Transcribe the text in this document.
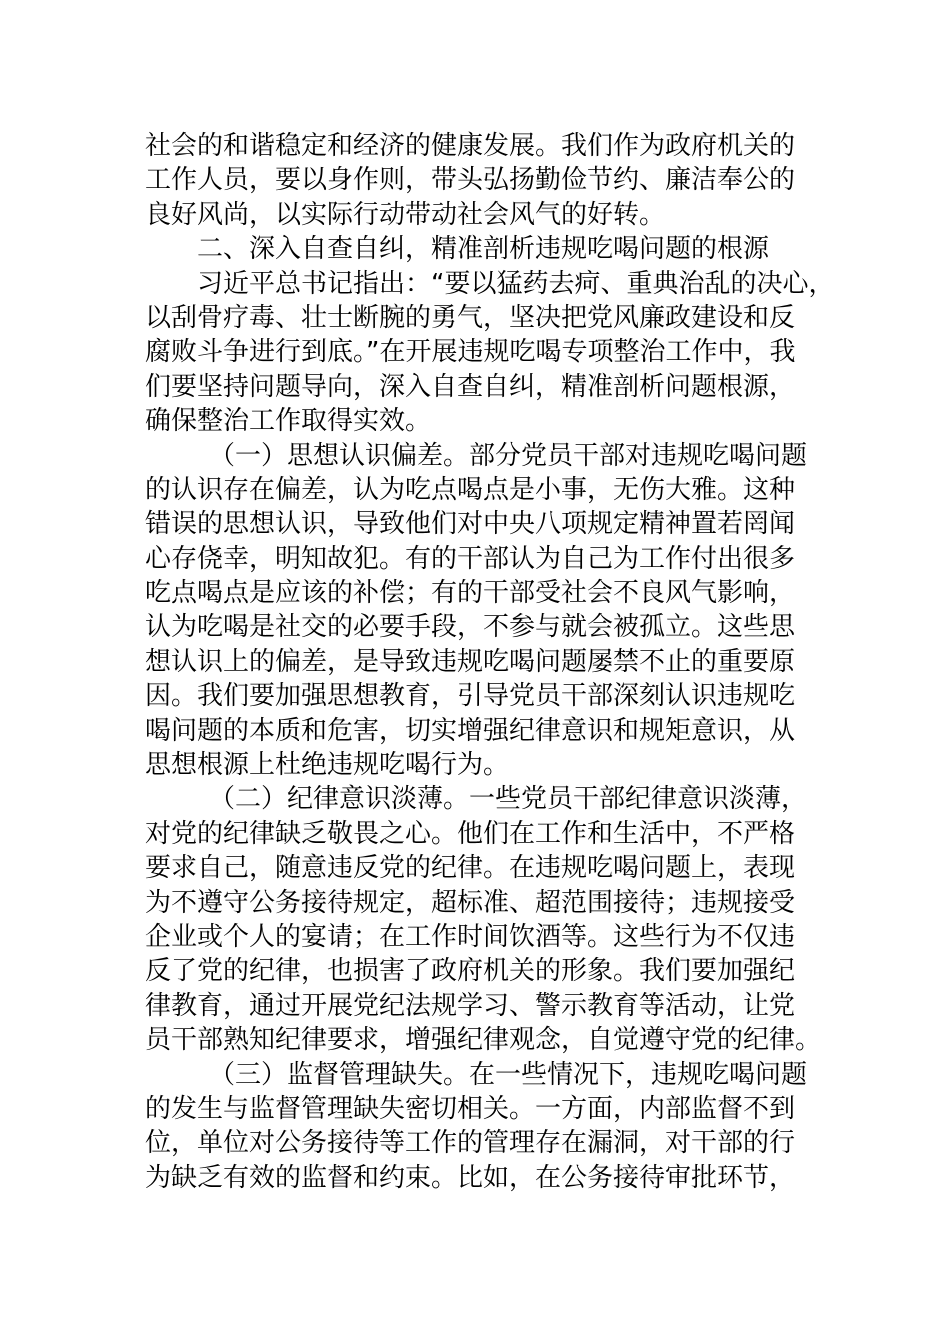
社会的和谐稳定和经济的健康发展。我们作为政府机关的
工作人员，要以身作则，带头弘扬勤俭节约、廉洁奉公的
良好风尚，以实际行动带动社会风气的好转。
二、深入自查自纠，精准剖析违规吃喝问题的根源
习近平总书记指出：“要以猛药去疴、重典治乱的决心，
以刮骨疗毒、壮士断腕的勇气，坚决把党风廉政建设和反
腐败斗争进行到底。”在开展违规吃喝专项整治工作中，我
们要坚持问题导向，深入自查自纠，精准剖析问题根源，
确保整治工作取得实效。
（一）思想认识偏差。部分党员干部对违规吃喝问题
的认识存在偏差，认为吃点喝点是小事，无伤大雅。这种
错误的思想认识，导致他们对中央八项规定精神置若罔闻
心存侥幸，明知故犯。有的干部认为自己为工作付出很多
吃点喝点是应该的补偿；有的干部受社会不良风气影响，
认为吃喝是社交的必要手段，不参与就会被孤立。这些思
想认识上的偏差，是导致违规吃喝问题屡禁不止的重要原
因。我们要加强思想教育，引导党员干部深刻认识违规吃
喝问题的本质和危害，切实增强纪律意识和规矩意识，从
思想根源上杜绝违规吃喝行为。
（二）纪律意识淡薄。一些党员干部纪律意识淡薄，
对党的纪律缺乏敬畏之心。他们在工作和生活中，不严格
要求自己，随意违反党的纪律。在违规吃喝问题上，表现
为不遵守公务接待规定，超标准、超范围接待；违规接受
企业或个人的宴请；在工作时间饮酒等。这些行为不仅违
反了党的纪律，也损害了政府机关的形象。我们要加强纪
律教育，通过开展党纪法规学习、警示教育等活动，让党
员干部熟知纪律要求，增强纪律观念，自觉遵守党的纪律。
（三）监督管理缺失。在一些情况下，违规吃喝问题
的发生与监督管理缺失密切相关。一方面，内部监督不到
位，单位对公务接待等工作的管理存在漏洞，对干部的行
为缺乏有效的监督和约束。比如，在公务接待审批环节，
